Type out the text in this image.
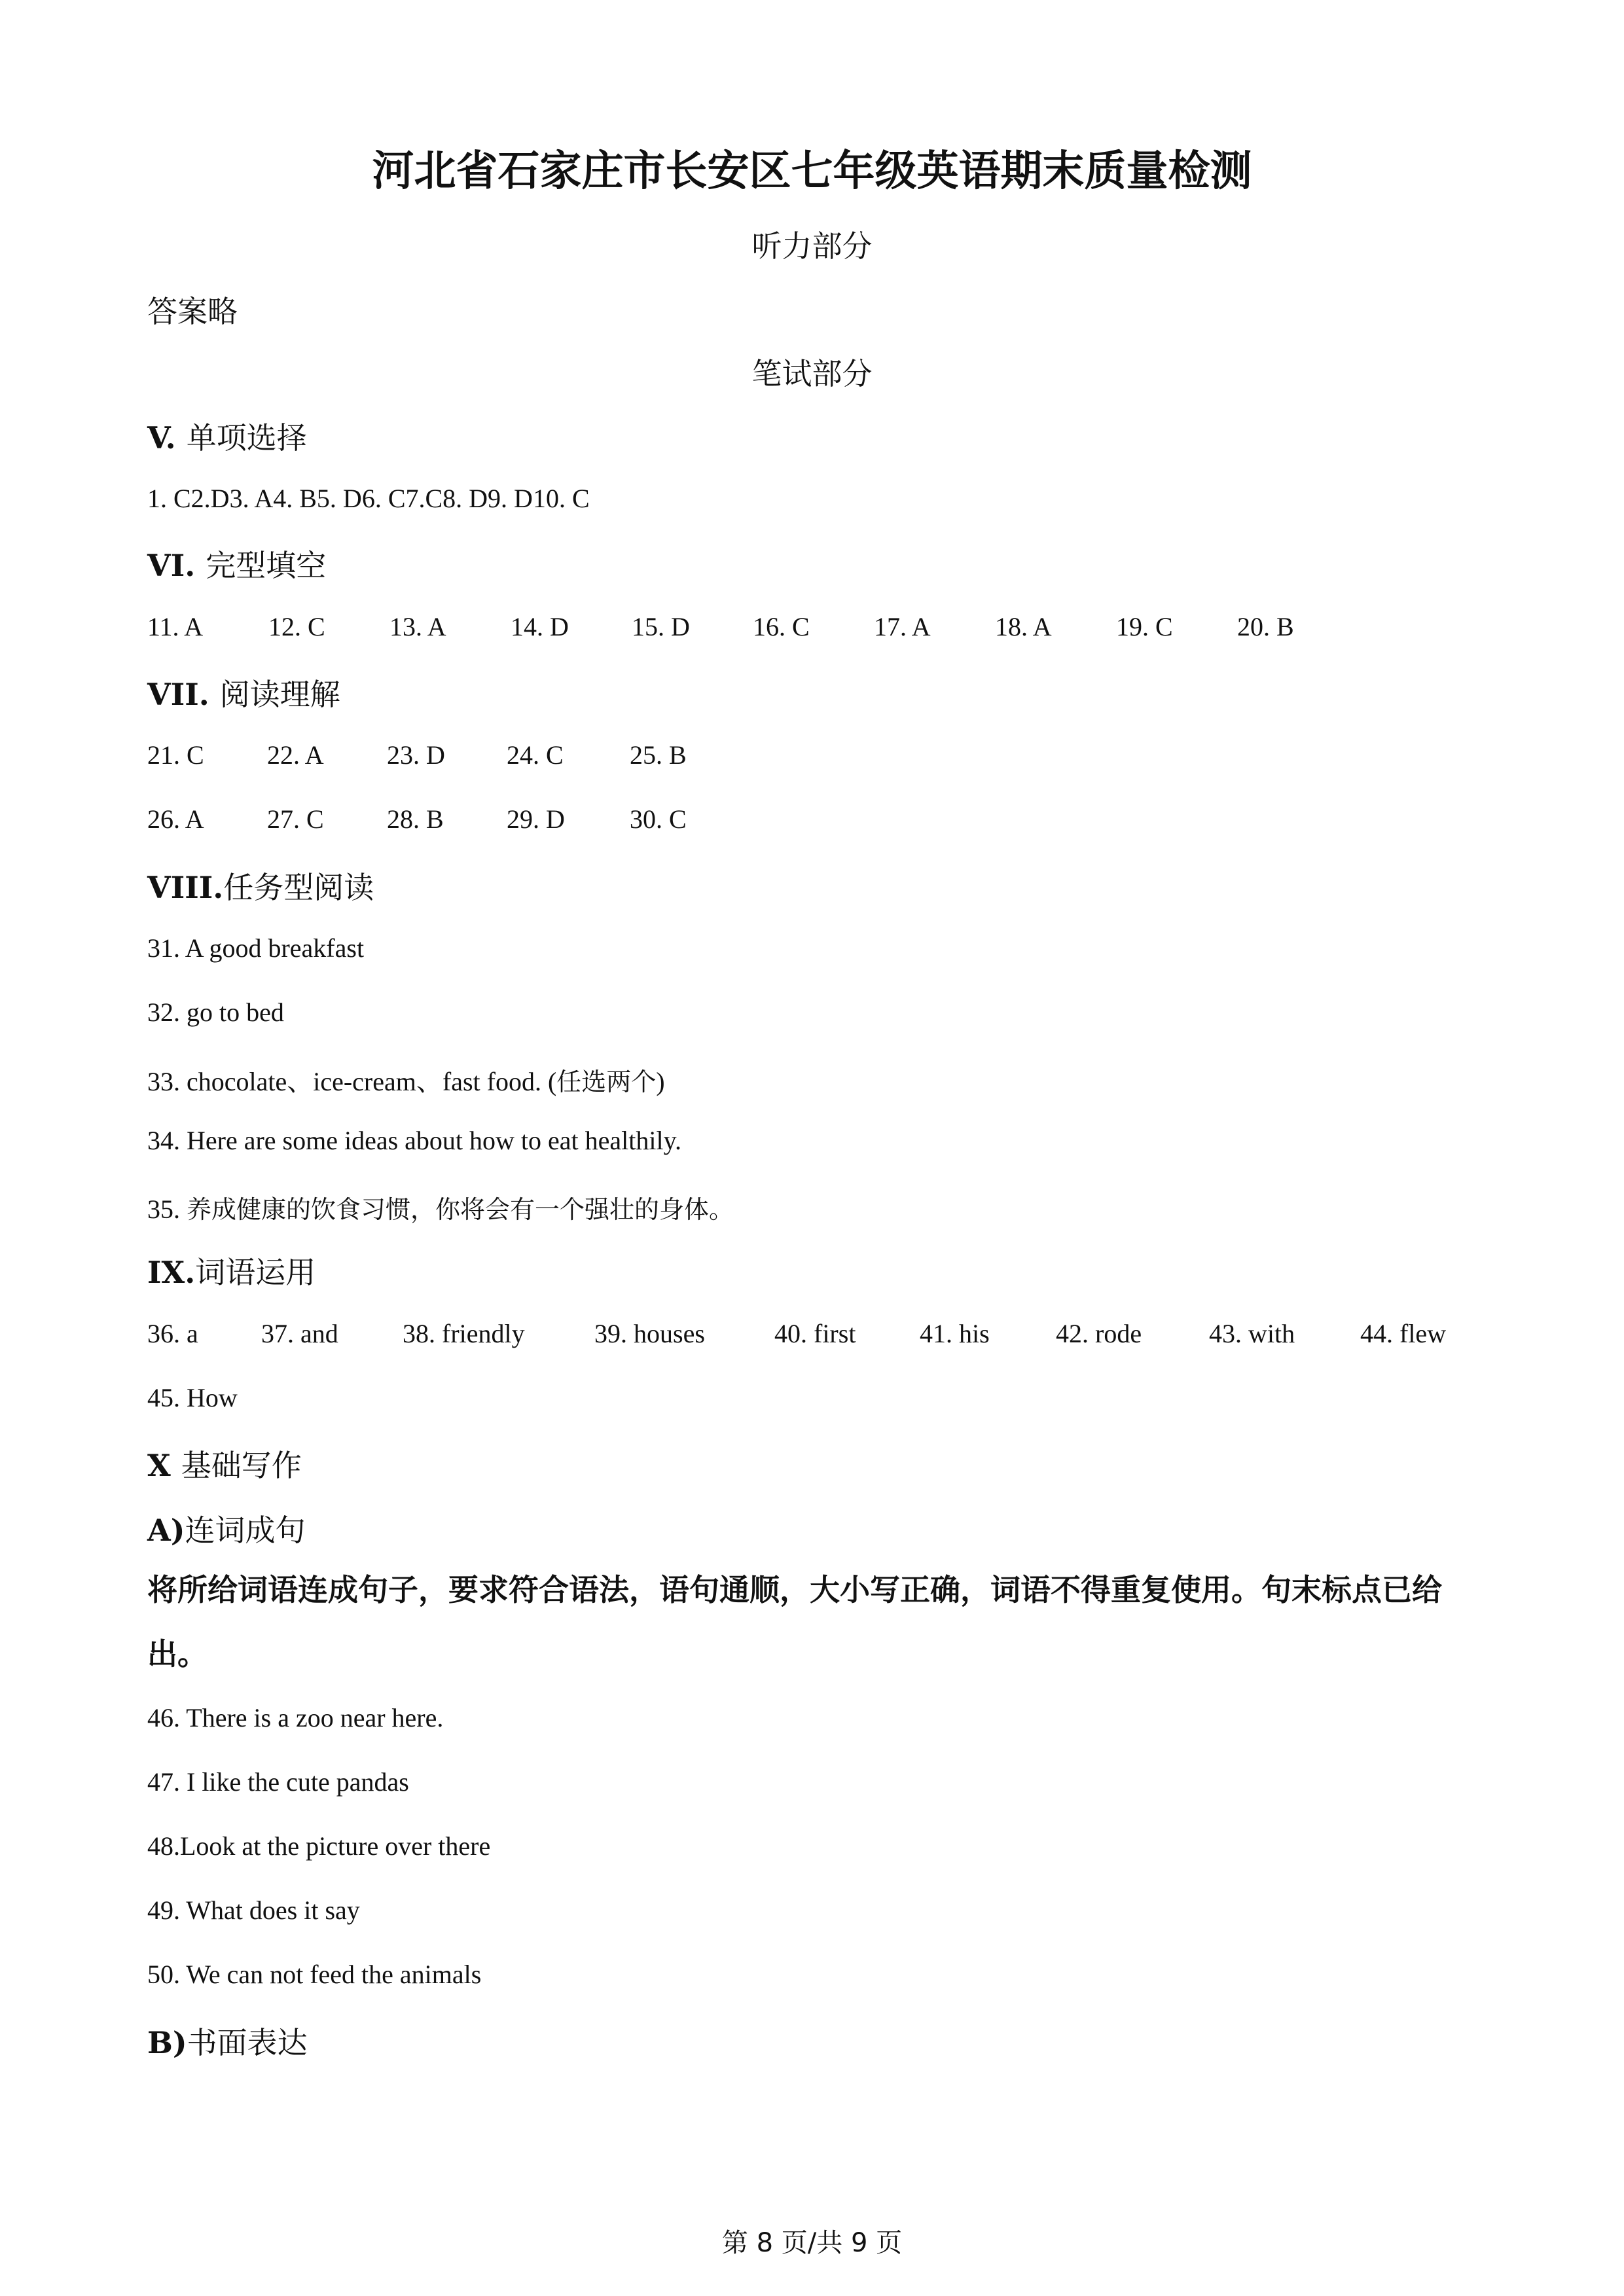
河北省石家庄市长安区七年级英语期末质量检测
听力部分
答案略
笔试部分
V. 单项选择
1. C2.D3. A4. B5. D6. C7.C8. D9. D10. C
VI. 完型填空
11. A 12. C 13. A 14. D 15. D 16. C 17. A 18. A 19. C 20. B
VII. 阅读理解
21. C 22. A 23. D 24. C	25. B
26. A 27. C 28. B 29. D 30. C
VIII.任务型阅读
31. A good breakfast
32. go to bed
33. chocolate、ice-cream、fast food. (任选两个)
34. Here are some ideas about how to eat healthily.
35. 养成健康的饮食习惯，你将会有一个强壮的身体。
IX.词语运用
36. a 37. and 38. friendly	39. houses	40. first 41. his	42. rode	43. with 44. flew
45. How
X 基础写作
A)连词成句
将所给词语连成句子，要求符合语法，语句通顺，大小写正确，词语不得重复使用。句末标点已给出。
46. There is a zoo near here.
47. I like the cute pandas
48.Look at the picture over there
49. What does it say
50. We can not feed the animals
B)书面表达
第 8 页/共 9 页
